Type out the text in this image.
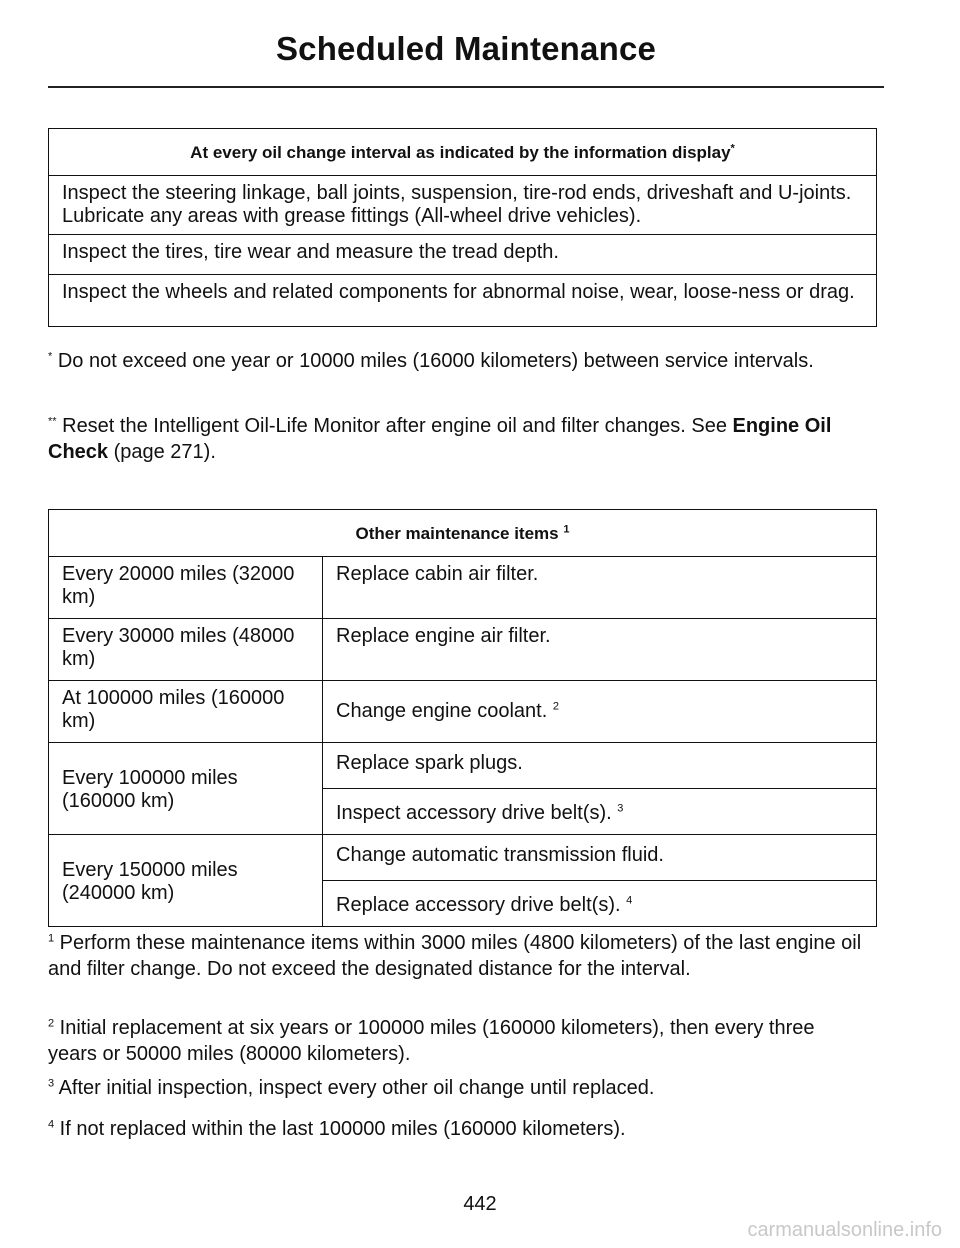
Scheduled Maintenance
At every oil change interval as indicated by the information display*
Inspect the steering linkage, ball joints, suspension, tire-rod ends, driveshaft and U-joints. Lubricate any areas with grease fittings (All-wheel drive vehicles).
Inspect the tires, tire wear and measure the tread depth.
Inspect the wheels and related components for abnormal noise, wear, loose-ness or drag.

* Do not exceed one year or 10000 miles (16000 kilometers) between service intervals.

** Reset the Intelligent Oil-Life Monitor after engine oil and filter changes. See Engine Oil Check (page 271).

Other maintenance items $^1$
Every 20000 miles (32000 km)	Replace cabin air filter.
Every 30000 miles (48000 km)	Replace engine air filter.
At 100000 miles (160000 km)	Change engine coolant. $^2$
Every 100000 miles (160000 km)	Replace spark plugs.
	Inspect accessory drive belt(s). $^3$
Every 150000 miles (240000 km)	Change automatic transmission fluid.
	Replace accessory drive belt(s). $^4$

$^1$ Perform these maintenance items within 3000 miles (4800 kilometers) of the last engine oil and filter change. Do not exceed the designated distance for the interval.

$^2$ Initial replacement at six years or 100000 miles (160000 kilometers), then every three years or 50000 miles (80000 kilometers).

$^3$ After initial inspection, inspect every other oil change until replaced.

$^4$ If not replaced within the last 100000 miles (160000 kilometers).

442
carmanualsonline.info
